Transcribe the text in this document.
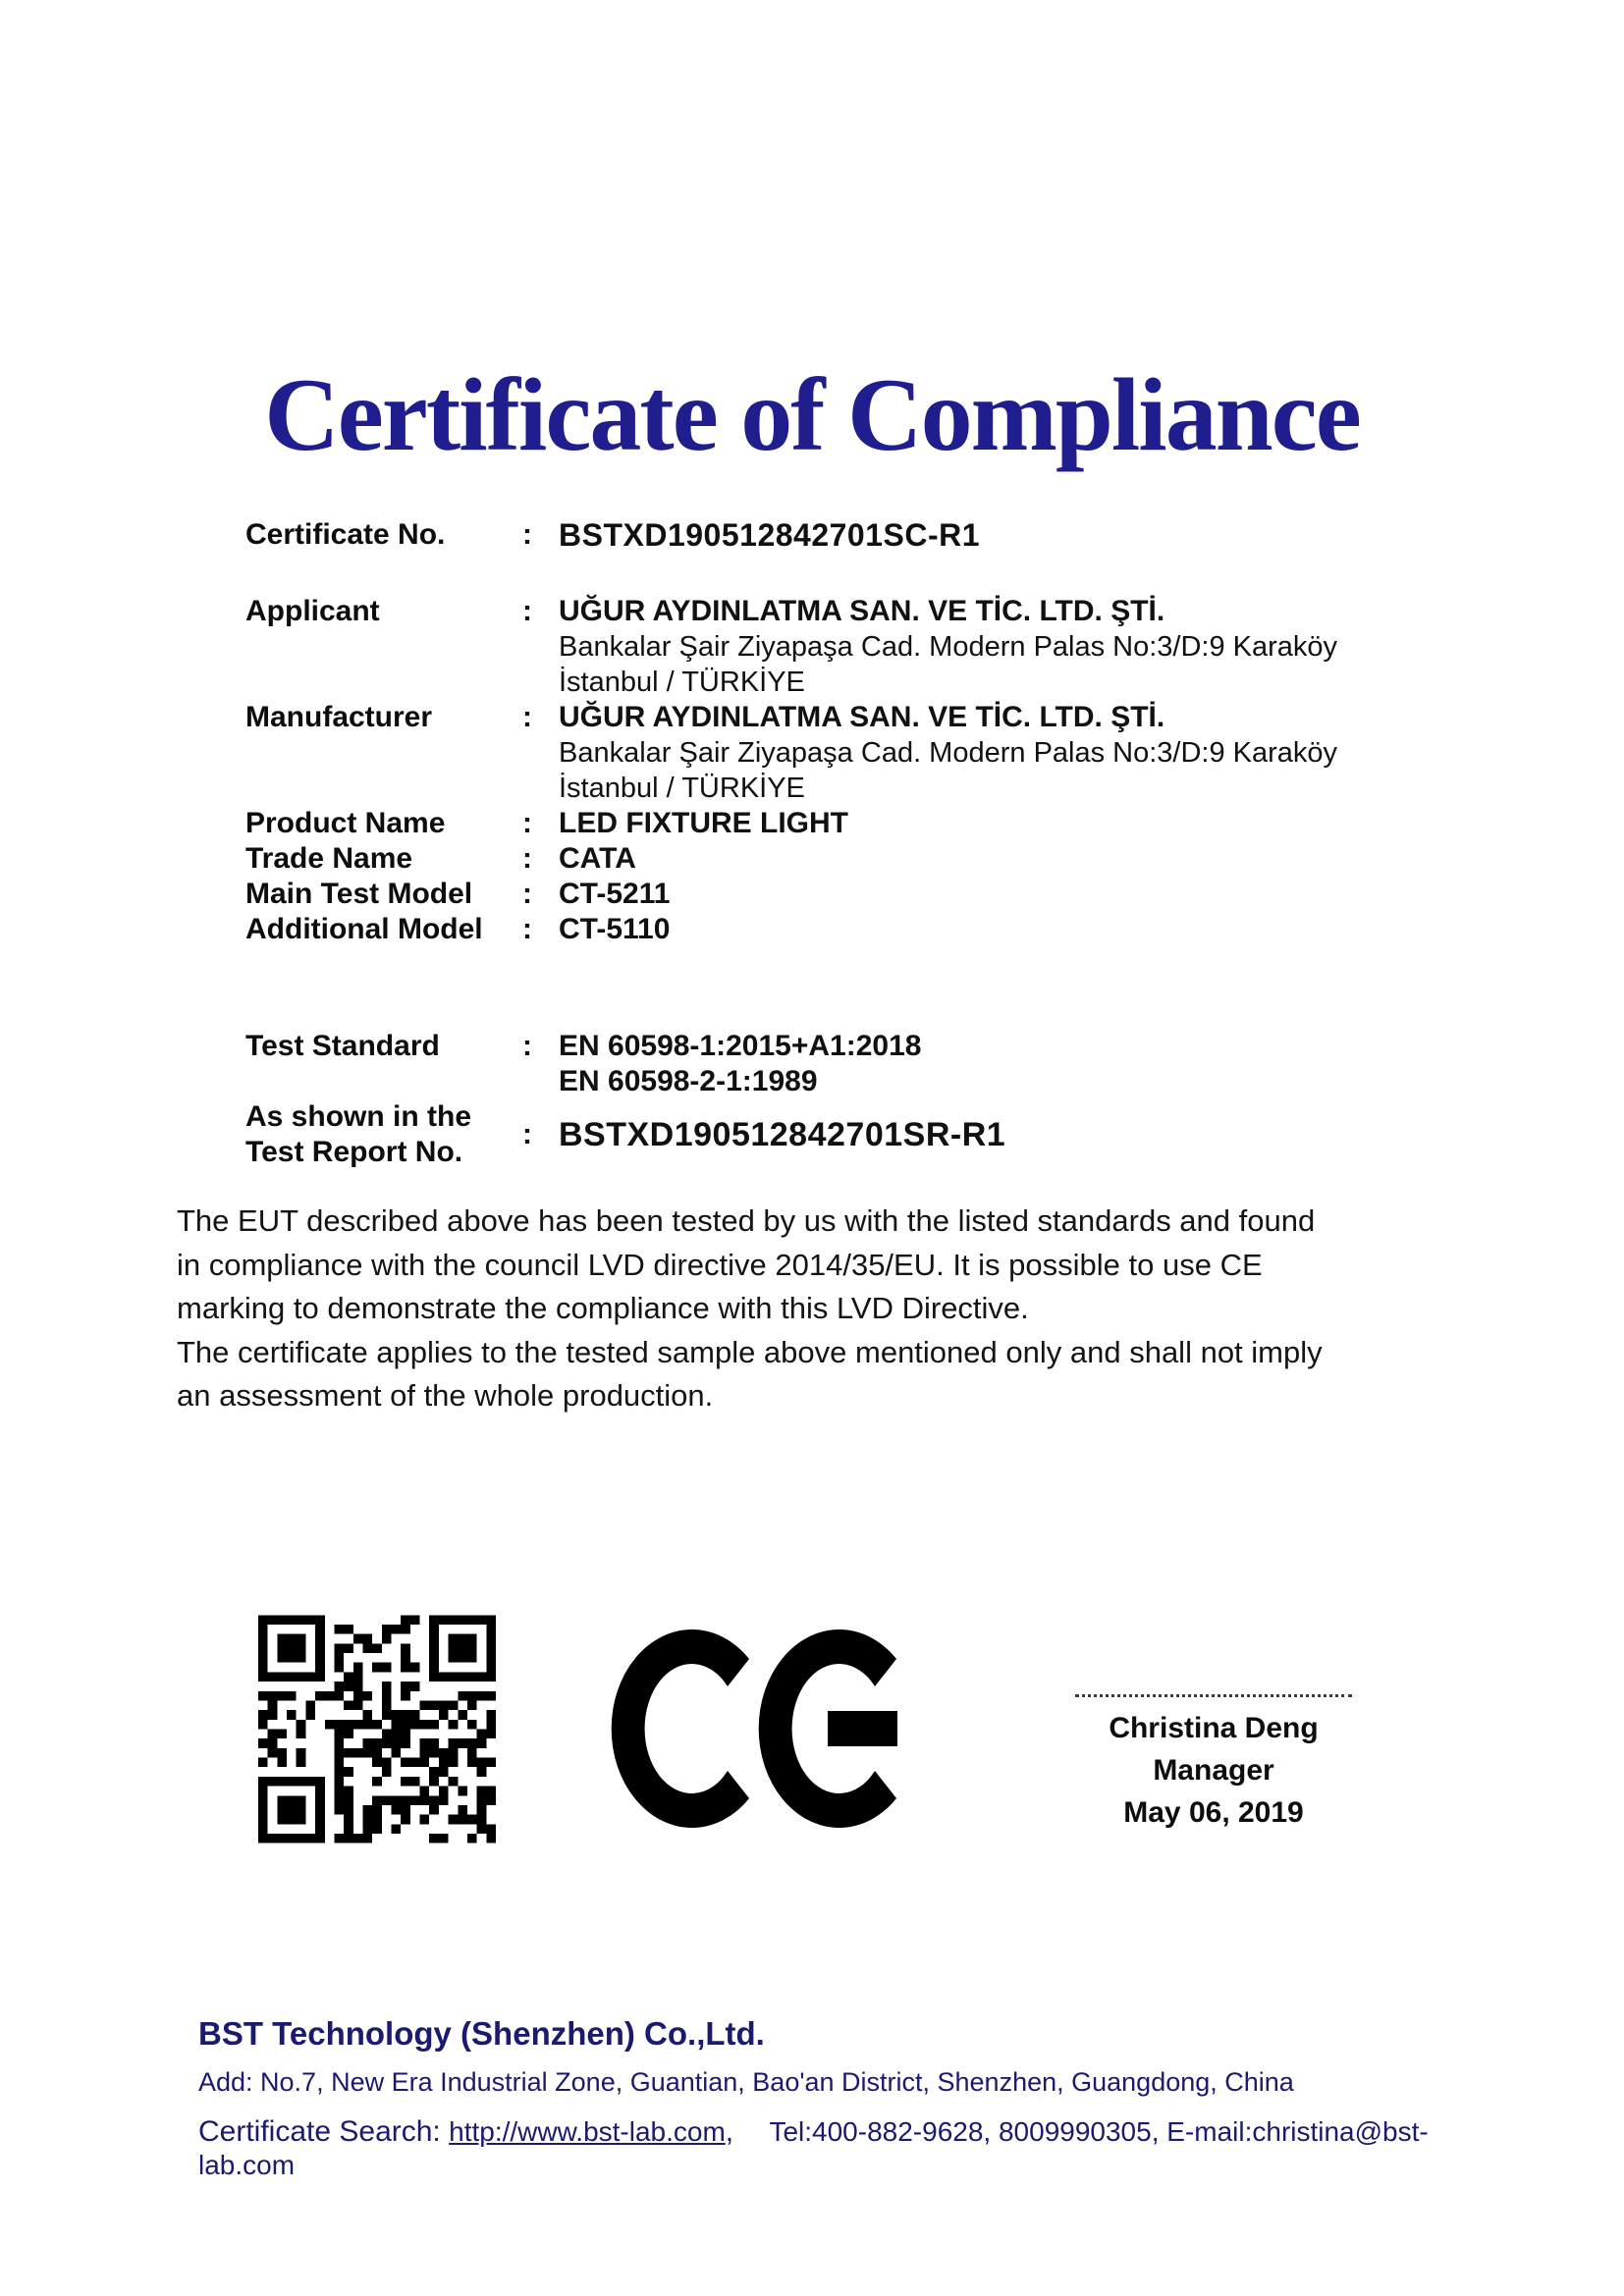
Certificate of Compliance
Certificate No.	: BSTXD190512842701SC-R1
Applicant	: UĞUR AYDINLATMA SAN. VE TİC. LTD. ŞTİ.
Bankalar Şair Ziyapaşa Cad. Modern Palas No:3/D:9 Karaköy
İstanbul / TÜRKİYE
Manufacturer	: UĞUR AYDINLATMA SAN. VE TİC. LTD. ŞTİ.
Bankalar Şair Ziyapaşa Cad. Modern Palas No:3/D:9 Karaköy
İstanbul / TÜRKİYE
Product Name	: LED FIXTURE LIGHT
Trade Name	: CATA
Main Test Model	: CT-5211
Additional Model	: CT-5110
Test Standard	: EN 60598-1:2015+A1:2018
EN 60598-2-1:1989
As shown in the
Test Report No.
: BSTXD190512842701SR-R1
The EUT described above has been tested by us with the listed standards and found
in compliance with the council LVD directive 2014/35/EU. It is possible to use CE
marking to demonstrate the compliance with this LVD Directive.
The certificate applies to the tested sample above mentioned only and shall not imply
an assessment of the whole production.
Christina Deng
Manager
May 06, 2019
BST Technology (Shenzhen) Co.,Ltd.
Add: No.7, New Era Industrial Zone, Guantian, Bao'an District, Shenzhen, Guangdong, China
Certificate Search: http://www.bst-lab.com, Tel:400-882-9628, 8009990305, E-mail:christina@bst-lab.com
